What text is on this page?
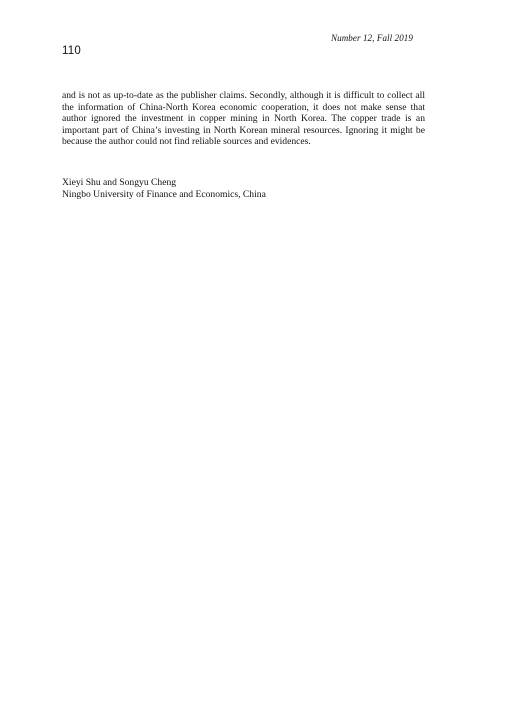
Number 12, Fall 2019
110

and is not as up-to-date as the publisher claims. Secondly, although it is difficult to collect all the information of China-North Korea economic cooperation, it does not make sense that author ignored the investment in copper mining in North Korea. The copper trade is an important part of China’s investing in North Korean mineral resources. Ignoring it might be because the author could not find reliable sources and evidences.

Xieyi Shu and Songyu Cheng
Ningbo University of Finance and Economics, China
